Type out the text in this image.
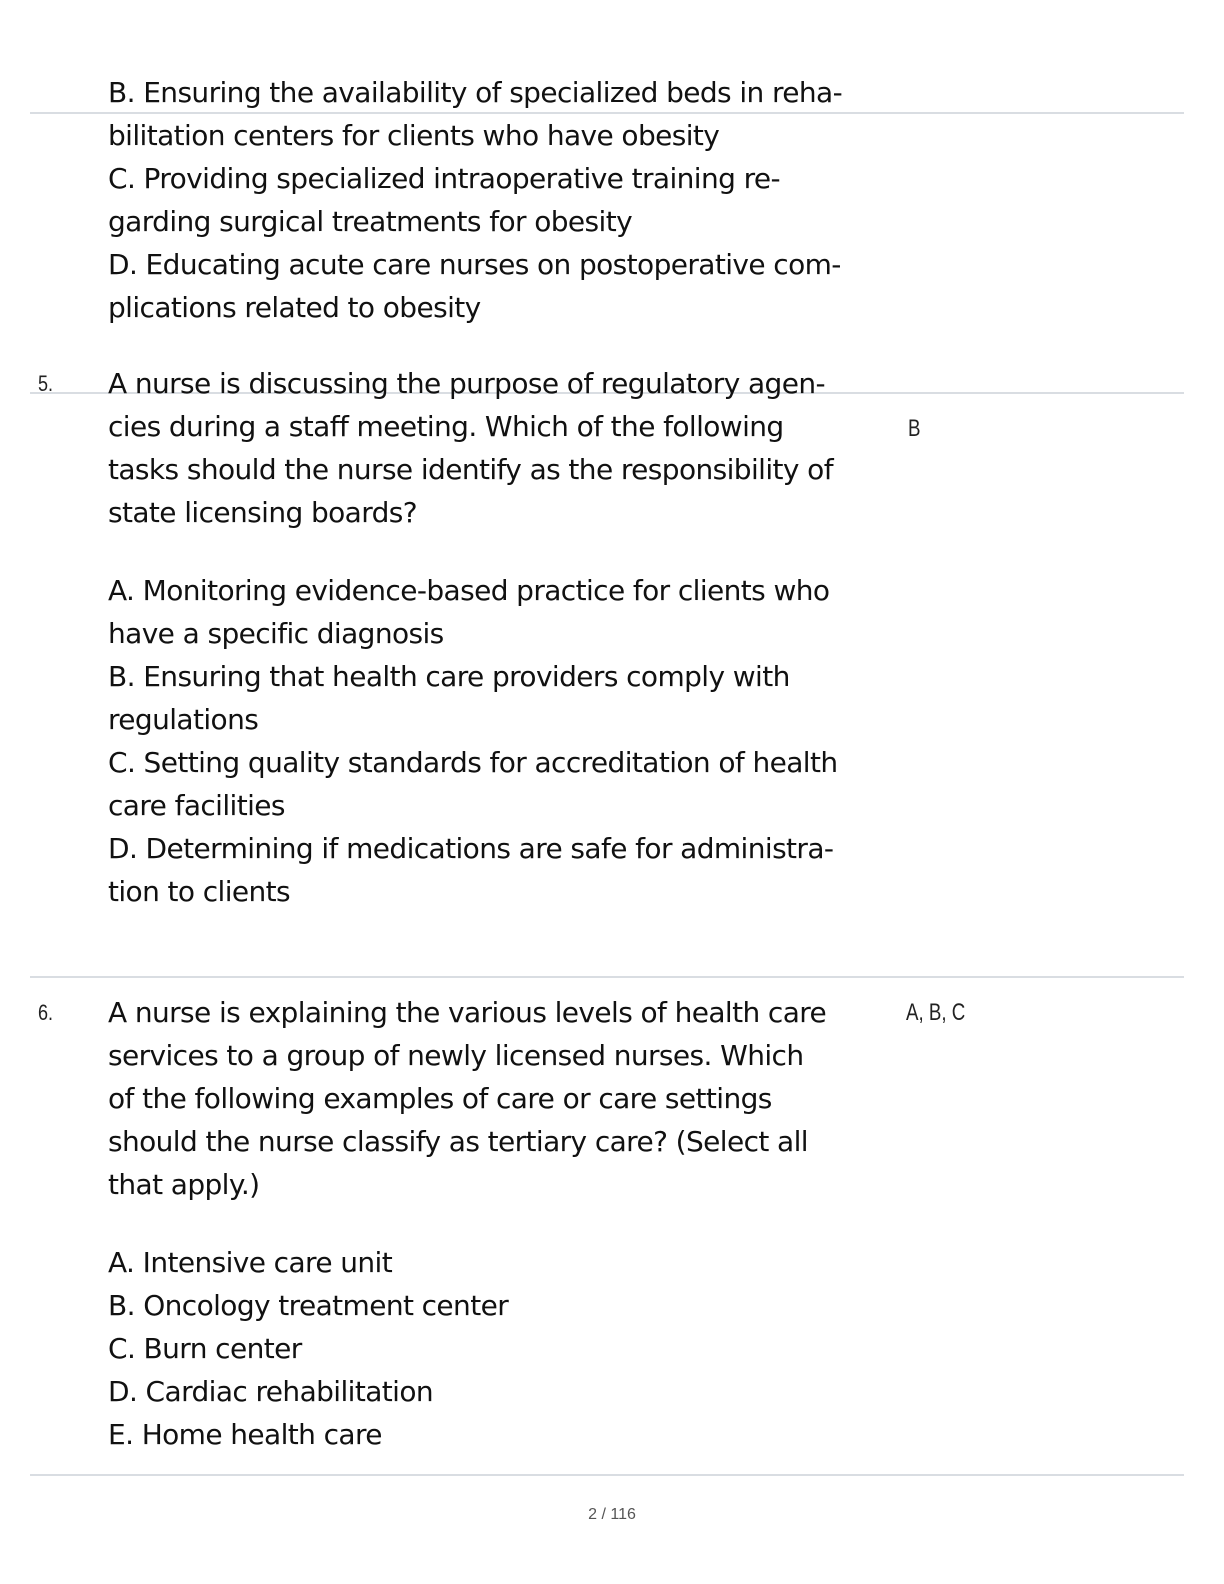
B. Ensuring the availability of specialized beds in reha-
bilitation centers for clients who have obesity
C. Providing specialized intraoperative training re-
garding surgical treatments for obesity
D. Educating acute care nurses on postoperative com-
plications related to obesity
5.
B
A nurse is discussing the purpose of regulatory agen-
cies during a staff meeting. Which of the following
tasks should the nurse identify as the responsibility of
state licensing boards?
A. Monitoring evidence-based practice for clients who
have a specific diagnosis
B. Ensuring that health care providers comply with
regulations
C. Setting quality standards for accreditation of health
care facilities
D. Determining if medications are safe for administra-
tion to clients
6.	A, B, C
A nurse is explaining the various levels of health care
services to a group of newly licensed nurses. Which
of the following examples of care or care settings
should the nurse classify as tertiary care? (Select all
that apply.)
A. Intensive care unit
B. Oncology treatment center
C. Burn center
D. Cardiac rehabilitation
E. Home health care
2 / 116
